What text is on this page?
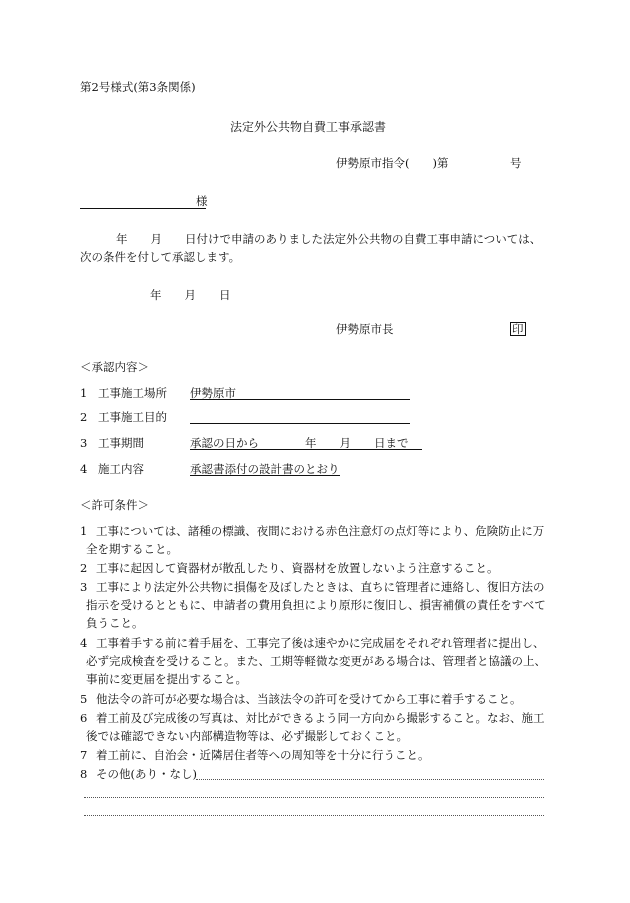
第2号様式(第3条関係)
法定外公共物自費工事承認書
伊勢原市指令(　　)第	号
様
年　　月　　日付けで申請のありました法定外公共物の自費工事申請については、
次の条件を付して承認します。
年　　月　　日
伊勢原市長	印
＜承認内容＞
1 工事施工場所 伊勢原市
2 工事施工目的
3 工事期間	承認の日から　　　　年　　月　　日まで
4 施工内容	承認書添付の設計書のとおり
＜許可条件＞
1 工事については、諸種の標識、夜間における赤色注意灯の点灯等により、危険防止に万
全を期すること。
2 工事に起因して資器材が散乱したり、資器材を放置しないよう注意すること。
3 工事により法定外公共物に損傷を及ぼしたときは、直ちに管理者に連絡し、復旧方法の
指示を受けるとともに、申請者の費用負担により原形に復旧し、損害補償の責任をすべて
負うこと。
4 工事着手する前に着手届を、工事完了後は速やかに完成届をそれぞれ管理者に提出し、
必ず完成検査を受けること。また、工期等軽微な変更がある場合は、管理者と協議の上、
事前に変更届を提出すること。
5 他法令の許可が必要な場合は、当該法令の許可を受けてから工事に着手すること。
6 着工前及び完成後の写真は、対比ができるよう同一方向から撮影すること。なお、施工
後では確認できない内部構造物等は、必ず撮影しておくこと。
7 着工前に、自治会・近隣居住者等への周知等を十分に行うこと。
8 その他(あり・なし)
